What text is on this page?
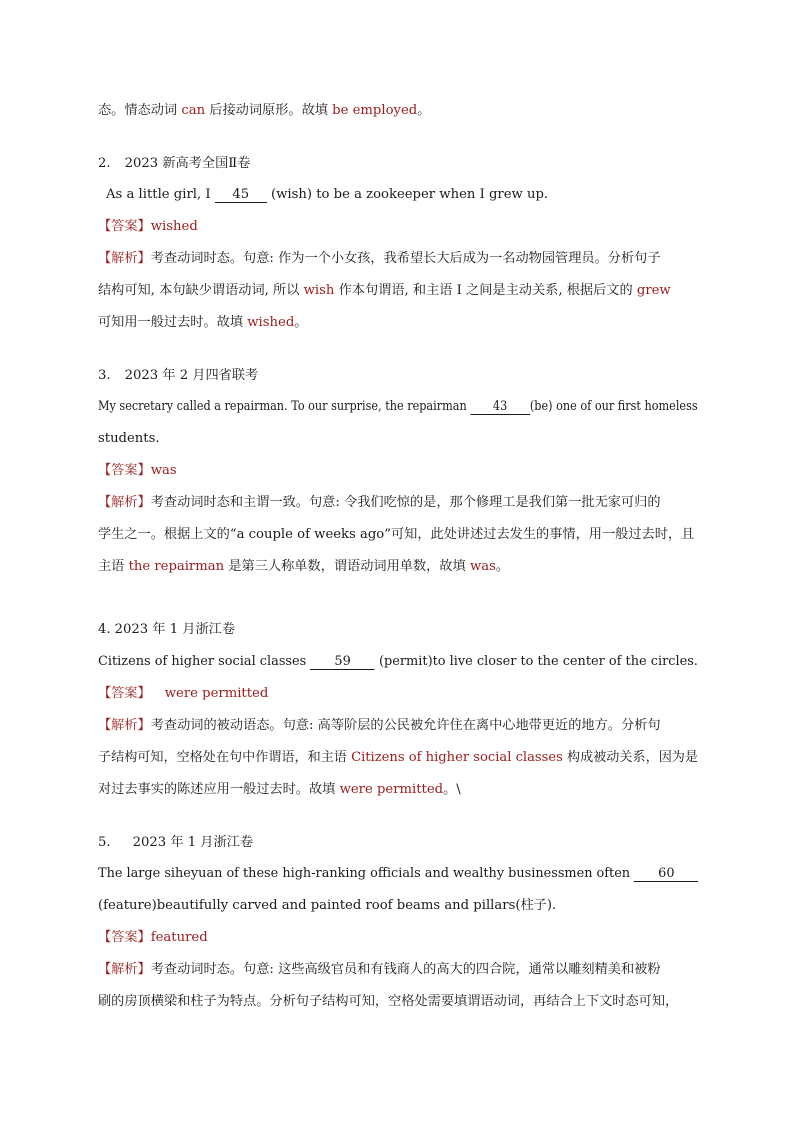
态。情态动词 can 后接动词原形。故填 be employed。
2. 2023 新高考全国Ⅱ卷
As a little girl, I 45 (wish) to be a zookeeper when I grew up.
【答案】wished
【解析】考查动词时态。句意: 作为一个小女孩，我希望长大后成为一名动物园管理员。分析句子
结构可知, 本句缺少谓语动词, 所以 wish 作本句谓语, 和主语 I 之间是主动关系, 根据后文的 grew
可知用一般过去时。故填 wished。
3. 2023 年 2 月四省联考
My secretary called a repairman. To our surprise, the repairman 43 (be) one of our first homeless
students.
【答案】was
【解析】考查动词时态和主谓一致。句意: 令我们吃惊的是，那个修理工是我们第一批无家可归的
学生之一。根据上文的“a couple of weeks ago”可知，此处讲述过去发生的事情，用一般过去时，且
主语 the repairman 是第三人称单数，谓语动词用单数，故填 was。
4. 2023 年 1 月浙江卷
Citizens of higher social classes 59 (permit)to live closer to the center of the circles.
【答案】 were permitted
【解析】考查动词的被动语态。句意: 高等阶层的公民被允许住在离中心地带更近的地方。分析句
子结构可知，空格处在句中作谓语，和主语 Citizens of higher social classes 构成被动关系，因为是
对过去事实的陈述应用一般过去时。故填 were permitted。\
5. 2023 年 1 月浙江卷
The large siheyuan of these high-ranking officials and wealthy businessmen often 60
(feature)beautifully carved and painted roof beams and pillars(柱子).
【答案】featured
【解析】考查动词时态。句意: 这些高级官员和有钱商人的高大的四合院，通常以雕刻精美和被粉
刷的房顶横梁和柱子为特点。分析句子结构可知，空格处需要填谓语动词，再结合上下文时态可知，
